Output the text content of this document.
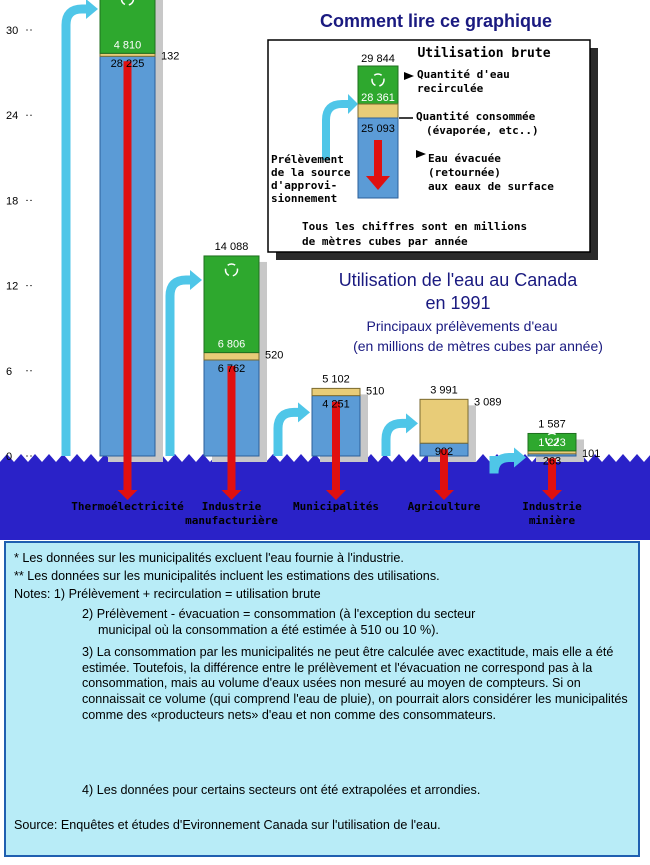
0
6
12
18
24
30
4 810
132
28 225
Thermoélectricité
14 088
6 806
520
6 762
Industrie
manufacturière
5 102
510
4 251
Municipalités
3 991
3 089
902
Agriculture
1 587
1 223
101
263
Industrie
minière
Comment lire ce graphique
Utilisation brute
29 844
28 361
25 093
Quantité d'eau
recirculée
Quantité consommée
(évaporée, etc..)
Eau évacuée
(retournée)
aux eaux de surface
Prélèvement
de la source
d'approvi-
sionnement
Tous les chiffres sont en millions
de mètres cubes par année
Utilisation de l'eau au Canada
en 1991
Principaux prélèvements d'eau
(en millions de mètres cubes par année)
* Les données sur les municipalités excluent l'eau fournie à l'industrie.
** Les données sur les municipalités incluent les estimations des utilisations.
Notes: 1) Prélèvement + recirculation = utilisation brute
2) Prélèvement - évacuation = consommation (à l'exception du secteur
municipal où la consommation a été estimée à 510 ou 10 %).
3) La consommation par les municipalités ne peut être calculée avec exactitude, mais elle a été estimée. Toutefois, la différence entre le prélèvement et l'évacuation ne correspond pas à la consommation, mais au volume d'eaux usées non mesuré au moyen de compteurs. Si on connaissait ce volume (qui comprend l'eau de pluie), on pourrait alors considérer les municipalités comme des «producteurs nets» d'eau et non comme des consommateurs.
4) Les données pour certains secteurs ont été extrapolées et arrondies.
Source: Enquêtes et études d'Evironnement Canada sur l'utilisation de l'eau.
